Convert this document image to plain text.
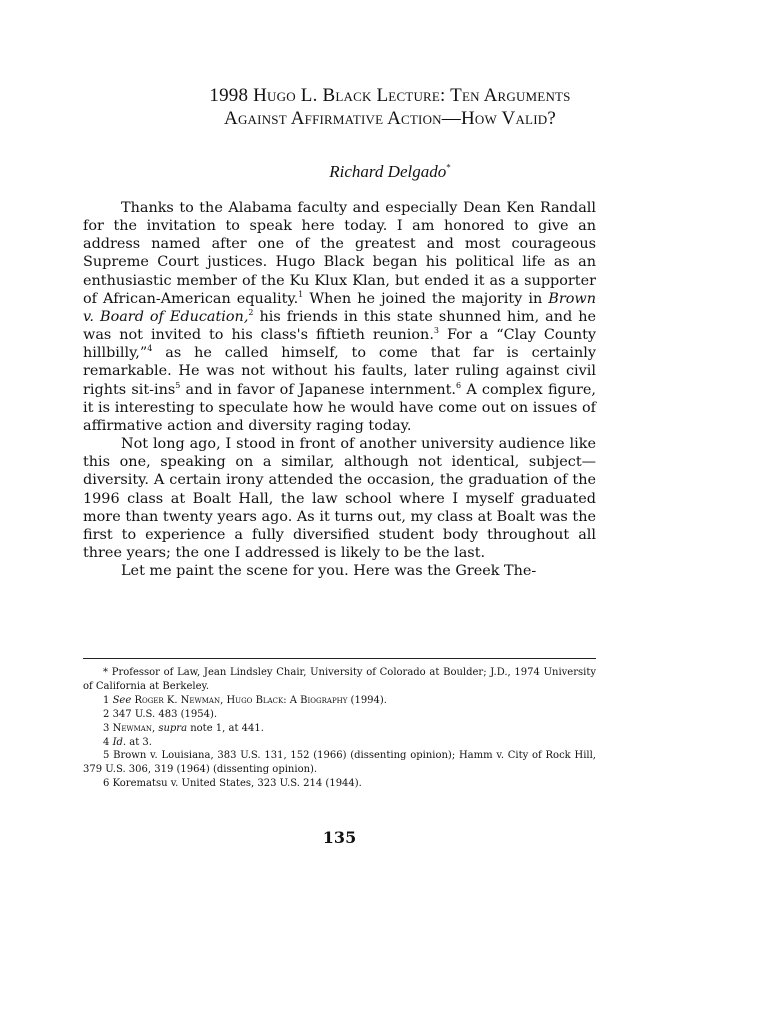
1998 Hugo L. Black Lecture: Ten Arguments
Against Affirmative Action—How Valid?
Richard Delgado*

Thanks to the Alabama faculty and especially Dean Ken Randall for the invitation to speak here today. I am honored to give an address named after one of the greatest and most courageous Supreme Court justices. Hugo Black began his political life as an enthusiastic member of the Ku Klux Klan, but ended it as a supporter of African-American equality.$^1$ When he joined the majority in Brown v. Board of Education,$^2$ his friends in this state shunned him, and he was not invited to his class's fiftieth reunion.$^3$ For a “Clay County hillbilly,”$^4$ as he called himself, to come that far is certainly remarkable. He was not without his faults, later ruling against civil rights sit-ins$^5$ and in favor of Japanese internment.$^6$ A complex figure, it is interesting to speculate how he would have come out on issues of affirmative action and diversity raging today.

Not long ago, I stood in front of another university audience like this one, speaking on a similar, although not identical, subject—diversity. A certain irony attended the occasion, the graduation of the 1996 class at Boalt Hall, the law school where I myself graduated more than twenty years ago. As it turns out, my class at Boalt was the first to experience a fully diversified student body throughout all three years; the one I addressed is likely to be the last.

Let me paint the scene for you. Here was the Greek The-

* Professor of Law, Jean Lindsley Chair, University of Colorado at Boulder; J.D., 1974 University of California at Berkeley.

1 See Roger K. Newman, Hugo Black: A Biography (1994).

2 347 U.S. 483 (1954).

3 Newman, supra note 1, at 441.

4 Id. at 3.

5 Brown v. Louisiana, 383 U.S. 131, 152 (1966) (dissenting opinion); Hamm v. City of Rock Hill, 379 U.S. 306, 319 (1964) (dissenting opinion).

6 Korematsu v. United States, 323 U.S. 214 (1944).

135
